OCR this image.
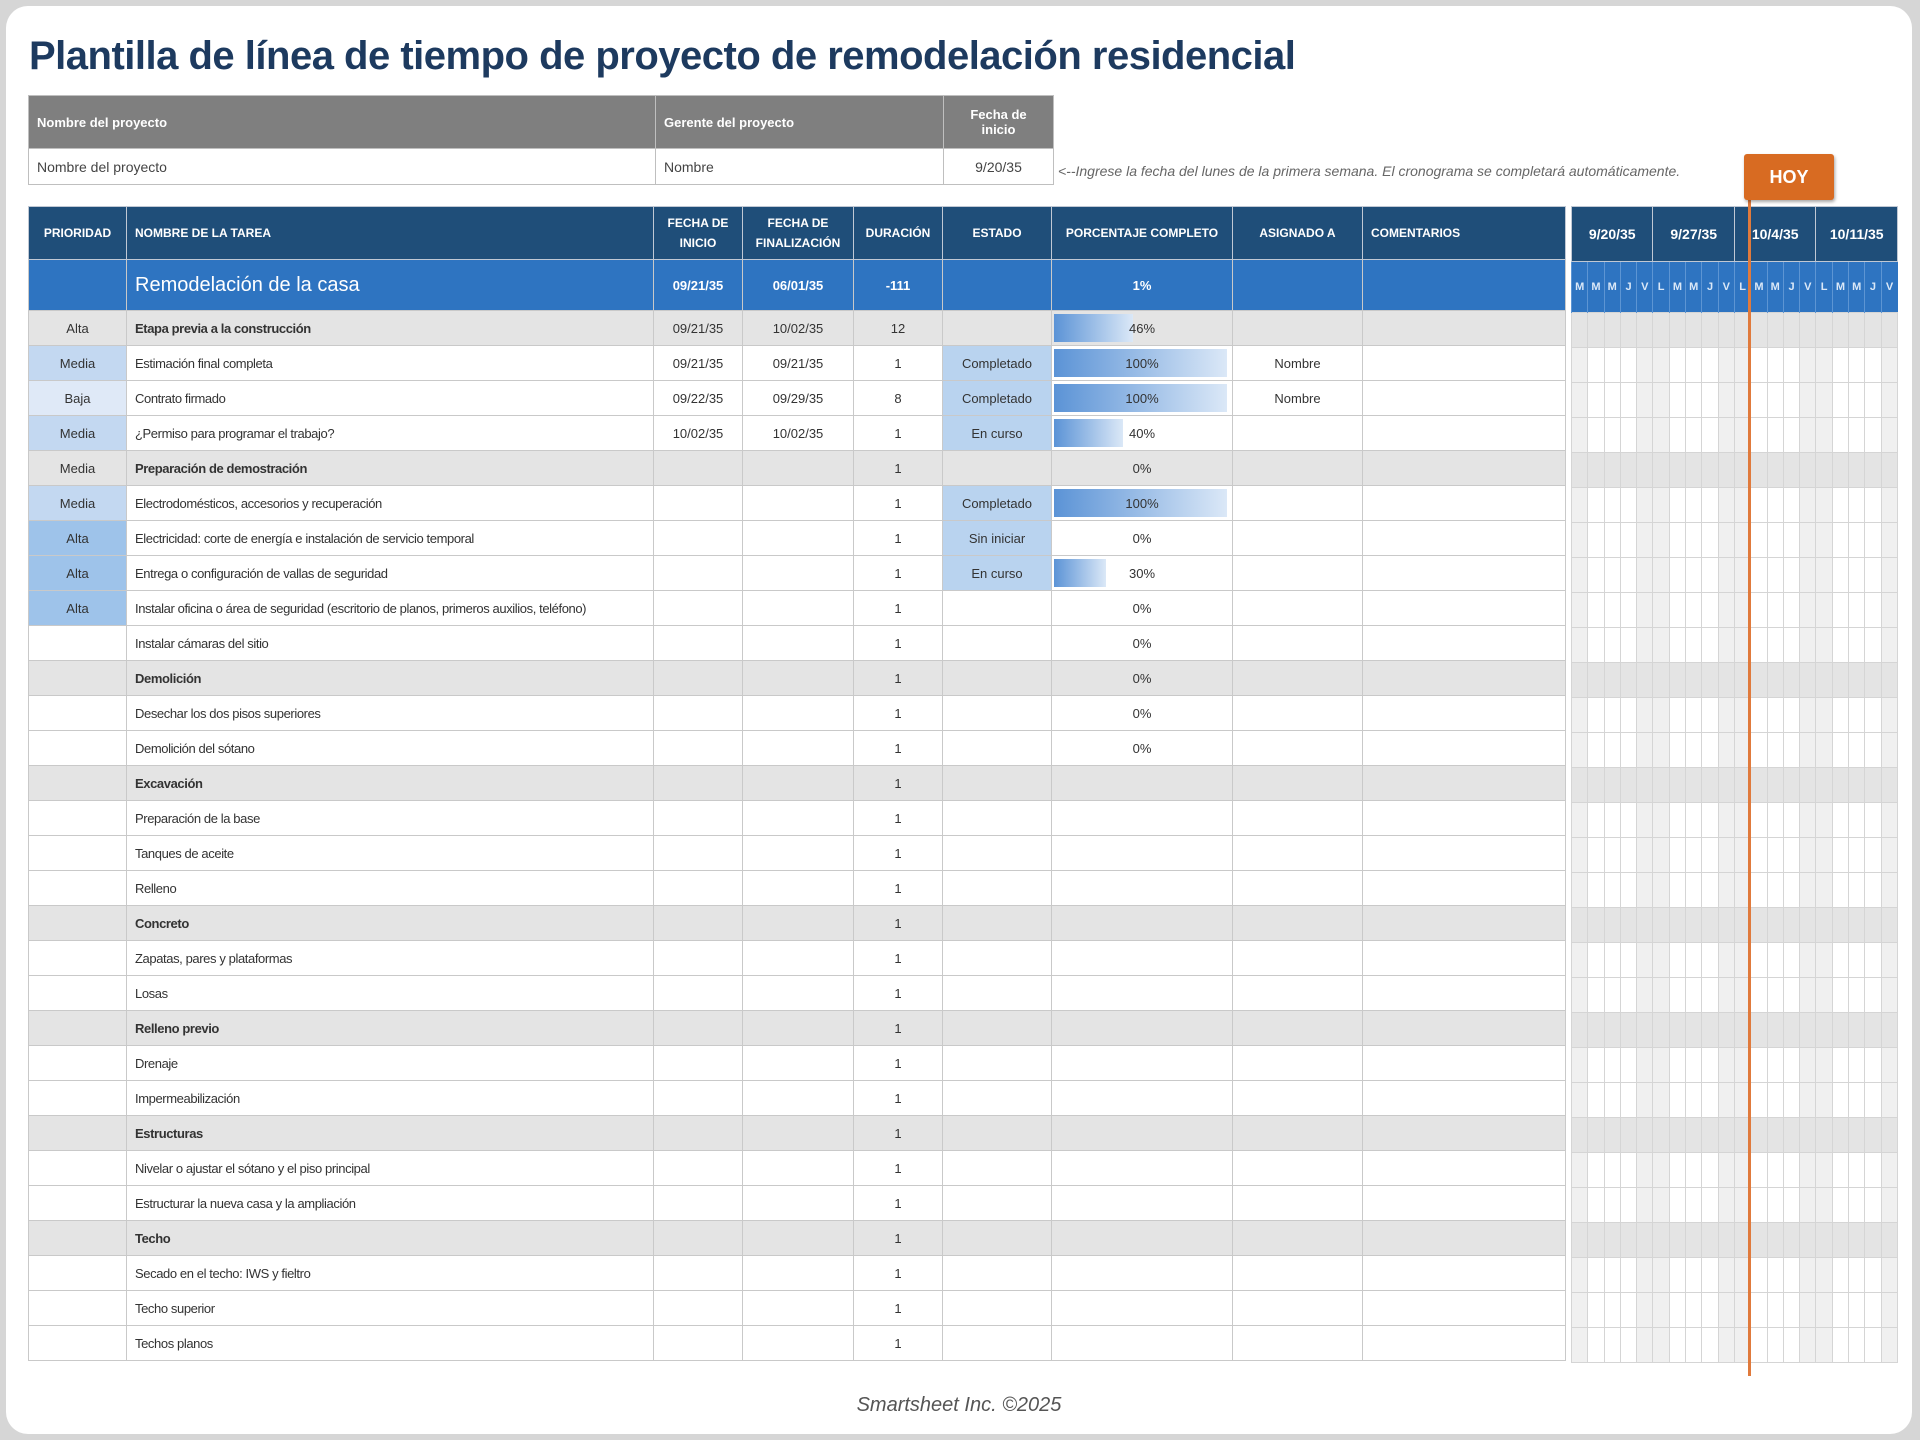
Plantilla de línea de tiempo de proyecto de remodelación residencial
Nombre del proyecto	Gerente del proyecto	Fecha de inicio
Nombre del proyecto	Nombre	9/20/35	<--Ingrese la fecha del lunes de la primera semana. El cronograma se completará automáticamente.
PRIORIDAD	NOMBRE DE LA TAREA	FECHA DE INICIO	FECHA DE FINALIZACIÓN	DURACIÓN	ESTADO	PORCENTAJE COMPLETO	ASIGNADO A	COMENTARIOS
	Remodelación de la casa	09/21/35	06/01/35	-111		1%		
Alta	Etapa previa a la construcción	09/21/35	10/02/35	12		46%		
Media	Estimación final completa	09/21/35	09/21/35	1	Completado	100%	Nombre	
Baja	Contrato firmado	09/22/35	09/29/35	8	Completado	100%	Nombre	
Media	¿Permiso para programar el trabajo?	10/02/35	10/02/35	1	En curso	40%		
Media	Preparación de demostración			1		0%		
Media	Electrodomésticos, accesorios y recuperación			1	Completado	100%		
Alta	Electricidad: corte de energía e instalación de servicio temporal			1	Sin iniciar	0%		
Alta	Entrega o configuración de vallas de seguridad			1	En curso	30%		
Alta	Instalar oficina o área de seguridad (escritorio de planos, primeros auxilios, teléfono)			1		0%		
	Instalar cámaras del sitio			1		0%		
	Demolición			1		0%		
	Desechar los dos pisos superiores			1		0%		
	Demolición del sótano			1		0%		
	Excavación			1				
	Preparación de la base			1				
	Tanques de aceite			1				
	Relleno			1				
	Concreto			1				
	Zapatas, pares y plataformas			1				
	Losas			1				
	Relleno previo			1				
	Drenaje			1				
	Impermeabilización			1				
	Estructuras			1				
	Nivelar o ajustar el sótano y el piso principal			1				
	Estructurar la nueva casa y la ampliación			1				
	Techo			1				
	Secado en el techo: IWS y fieltro			1				
	Techo superior			1				
	Techos planos			1				
9/20/35					9/27/35					10/4/35					10/11/35				
M	M	M	J	V	L	M	M	J	V	L	M	M	J	V	L	M	M	J	V

HOY
Smartsheet Inc. ©2025
